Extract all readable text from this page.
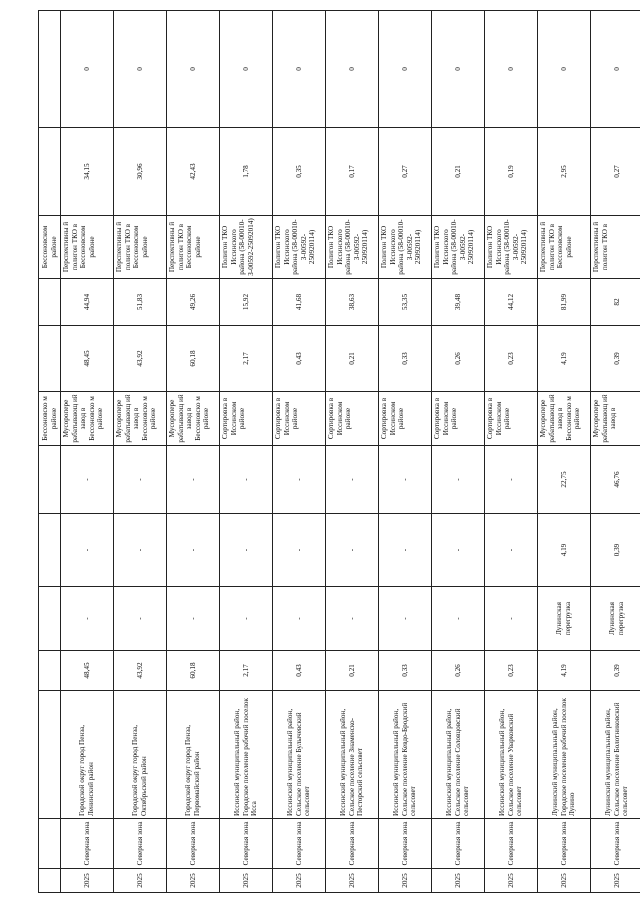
							Бессоновско м районе			Бессоновском районе		
2025	Северная зона	Городской округ город Пенза, Ленинский район	48,45	-	-	-	Мусоропере рабатывающ ий завод в Бессоновско м районе	48,45	44,94	Перспективны й полигон ТКО в Бессоновском районе	34,15	0
2025	Северная зона	Городской округ город Пенза, Октябрьский район	43,92	-	-	-	Мусоропере рабатывающ ий завод в Бессоновско м районе	43,92	51,83	Перспективны й полигон ТКО в Бессоновском районе	30,96	0
2025	Северная зона	Городской округ город Пенза, Первомайский район	60,18	-	-	-	Мусоропере рабатывающ ий завод в Бессоновско м районе	60,18	49,26	Перспективны й полигон ТКО в Бессоновском районе	42,43	0
2025	Северная зона	Иссинский муниципальный район, Городское поселение рабочий поселок Исса	2,17	-	-	-	Сортировка в Иссинском районе	2,17	15,92	Полигон ТКО Иссинского района (58-00010-З-00592-25092014)	1,78	0
2025	Северная зона	Иссинский муниципальный район, Сельское поселение Булычевский сельсовет	0,43	-	-	-	Сортировка в Иссинском районе	0,43	41,68	Полигон ТКО Иссинского района (58-00010-З-00592-250920114)	0,35	0
2025	Северная зона	Иссинский муниципальный район, Сельское поселение Знаменско-Песторский сельсовет	0,21	-	-	-	Сортировка в Иссинском районе	0,21	38,63	Полигон ТКО Иссинского района (58-00010-З-00592-250920114)	0,17	0
2025	Северная зона	Иссинский муниципальный район, Сельское поселение Кевдо-Бродский сельсовет	0,33	-	-	-	Сортировка в Иссинском районе	0,33	53,35	Полигон ТКО Иссинского района (58-00010-З-00592-250920114)	0,27	0
2025	Северная зона	Иссинский муниципальный район, Сельское поселение Соловцовский сельсовет	0,26	-	-	-	Сортировка в Иссинском районе	0,26	39,48	Полигон ТКО Иссинского района (58-00010-З-00592-250920114)	0,21	0
2025	Северная зона	Иссинский муниципальный район, Сельское поселение Уварковский сельсовет	0,23	-	-	-	Сортировка в Иссинском районе	0,23	44,12	Полигон ТКО Иссинского района (58-00010-З-00592-250920114)	0,19	0
2025	Северная зона	Лунинский муниципальный район, Городское поселение рабочий поселок Лунино	4,19	Лунинская перегрузка	4,19	22,75	Мусоропере рабатывающ ий завод в Бессоновско м районе	4,19	81,99	Перспективны й полигон ТКО в Бессоновском районе	2,95	0
2025	Северная зона	Лунинский муниципальный район, Сельское поселение Болотниковский сельсовет	0,39	Лунинская перегрузка	0,39	46,76	Мусоропере рабатывающ ий завод в	0,39	82	Перспективны й полигон ТКО в	0,27	0
